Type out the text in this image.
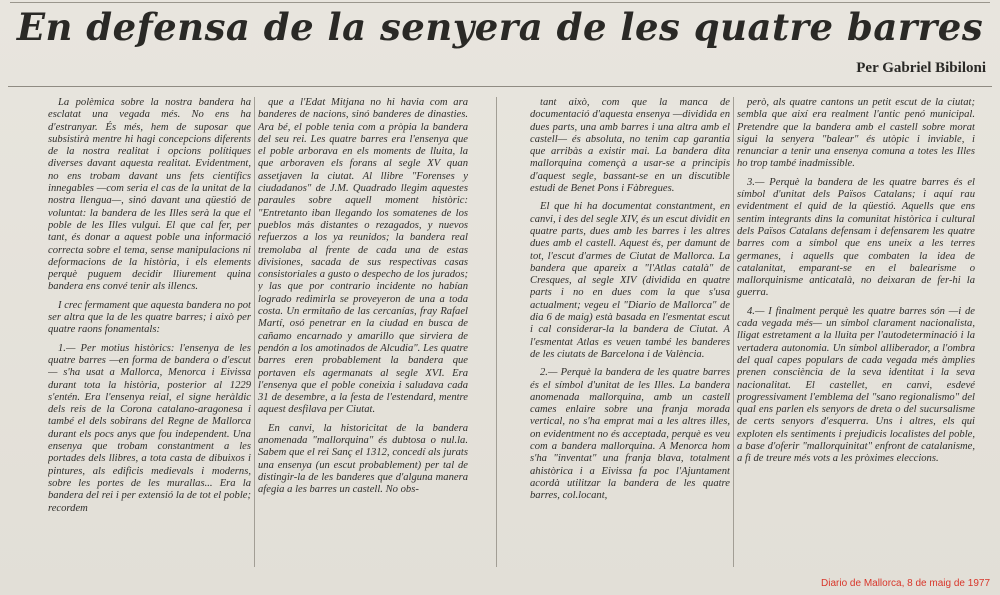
En defensa de la senyera de les quatre barres
Per Gabriel Bibiloni

La polèmica sobre la nostra bandera ha esclatat una vegada més. No ens ha d'estranyar. És més, hem de suposar que subsistirà mentre hi hagi concepcions diferents de la nostra realitat i opcions polítiques diverses davant aquesta realitat. Evidentment, no ens trobam davant uns fets científics innegables —com seria el cas de la unitat de la nostra llengua—, sinó davant una qüestió de voluntat: la bandera de les Illes serà la que el poble de les Illes vulgui. El que cal fer, per tant, és donar a aquest poble una informació correcta sobre el tema, sense manipulacions ni deformacions de la història, i els elements perquè puguem decidir lliurement quina bandera ens convé tenir als illencs.

I crec fermament que aquesta bandera no pot ser altra que la de les quatre barres; i això per quatre raons fonamentals:

1.— Per motius històrics: l'ensenya de les quatre barres —en forma de bandera o d'escut— s'ha usat a Mallorca, Menorca i Eivissa durant tota la història, posterior al 1229 s'entén. Era l'ensenya reial, el signe heràldic dels reis de la Corona catalano-aragonesa i també el dels sobirans del Regne de Mallorca durant els pocs anys que fou independent. Una ensenya que trobam constantment a les portades dels llibres, a tota casta de dibuixos i pintures, als edificis medievals i moderns, sobre les portes de les murallas... Era la bandera del rei i per extensió la de tot el poble; recordem

que a l'Edat Mitjana no hi havia com ara banderes de nacions, sinó banderes de dinasties. Ara bé, el poble tenia com a pròpia la bandera del seu rei. Les quatre barres era l'ensenya que el poble arborava en els moments de lluita, la que arboraven els forans al segle XV quan assetjaven la ciutat. Al llibre "Forenses y ciudadanos" de J.M. Quadrado llegim aquestes paraules sobre aquell moment històric: "Entretanto iban llegando los somatenes de los pueblos más distantes o rezagados, y nuevos refuerzos a los ya reunidos; la bandera real tremolaba al frente de cada una de estas divisiones, sacada de sus respectivas casas consistoriales a gusto o despecho de los jurados; y las que por contrario incidente no habían logrado redimirla se proveyeron de una a toda costa. Un ermitaño de las cercanías, fray Rafael Martí, osó penetrar en la ciudad en busca de cañamo encarnado y amarillo que sirviera de pendón a los amotinados de Alcudia". Les quatre barres eren probablement la bandera que portaven els agermanats al segle XVI. Era l'ensenya que el poble coneixia i saludava cada 31 de desembre, a la festa de l'estendard, mentre aquest desfilava per Ciutat.

En canvi, la historicitat de la bandera anomenada "mallorquina" és dubtosa o nul.la. Sabem que el rei Sanç el 1312, concedí als jurats una ensenya (un escut probablement) per tal de distingir-la de les banderes que d'alguna manera afegia a les barres un castell. No obs-

tant això, com que la manca de documentació d'aquesta ensenya —dividida en dues parts, una amb barres i una altra amb el castell— és absoluta, no tenim cap garantia que arribàs a existir mai. La bandera dita mallorquina començà a usar-se a principis d'aquest segle, bassant-se en un discutible estudi de Benet Pons i Fàbregues.

El que hi ha documentat constantment, en canvi, i des del segle XIV, és un escut dividit en quatre parts, dues amb les barres i les altres dues amb el castell. Aquest és, per damunt de tot, l'escut d'armes de Ciutat de Mallorca. La bandera que apareix a "l'Atlas català" de Cresques, al segle XIV (dividida en quatre parts i no en dues com la que s'usa actualment; vegeu el "Diario de Mallorca" de dia 6 de maig) està basada en l'esmentat escut i cal considerar-la la bandera de Ciutat. A l'esmentat Atlas es veuen també les banderes de les ciutats de Barcelona i de València.

2.— Perquè la bandera de les quatre barres és el símbol d'unitat de les Illes. La bandera anomenada mallorquina, amb un castell cames enlaire sobre una franja morada vertical, no s'ha emprat mai a les altres illes, on evidentment no és acceptada, perquè es veu com a bandera mallorquina. A Menorca hom s'ha "inventat" una franja blava, totalment ahistòrica i a Eivissa fa poc l'Ajuntament acordà utilitzar la bandera de les quatre barres, col.locant,

però, als quatre cantons un petit escut de la ciutat; sembla que així era realment l'antic penó municipal. Pretendre que la bandera amb el castell sobre morat sigui la senyera "balear" és utòpic i inviable, i renunciar a tenir una ensenya comuna a totes les Illes ho trop també inadmissible.

3.— Perquè la bandera de les quatre barres és el símbol d'unitat dels Països Catalans; i aquí rau evidentment el quid de la qüestió. Aquells que ens sentim integrants dins la comunitat històrica i cultural dels Països Catalans defensam i defensarem les quatre barres com a símbol que ens uneix a les terres germanes, i aquells que combaten la idea de catalanitat, emparant-se en el balearisme o mallorquinisme anticatalà, no deixaran de fer-hi la guerra.

4.— I finalment perquè les quatre barres són —i de cada vegada més— un símbol clarament nacionalista, lligat estretament a la lluita per l'autodeterminació i la vertadera autonomia. Un símbol alliberador, a l'ombra del qual capes populars de cada vegada més àmplies prenen consciència de la seva identitat i la seva nacionalitat. El castellet, en canvi, esdevé progressivament l'emblema del "sano regionalismo" del qual ens parlen els senyors de dreta o del sucursalisme de certs senyors d'esquerra. Uns i altres, els qui exploten els sentiments i prejudicis localistes del poble, a base d'oferir "mallorquinitat" enfront de catalanisme, a fi de treure més vots a les pròximes eleccions.

Diario de Mallorca, 8 de maig de 1977
